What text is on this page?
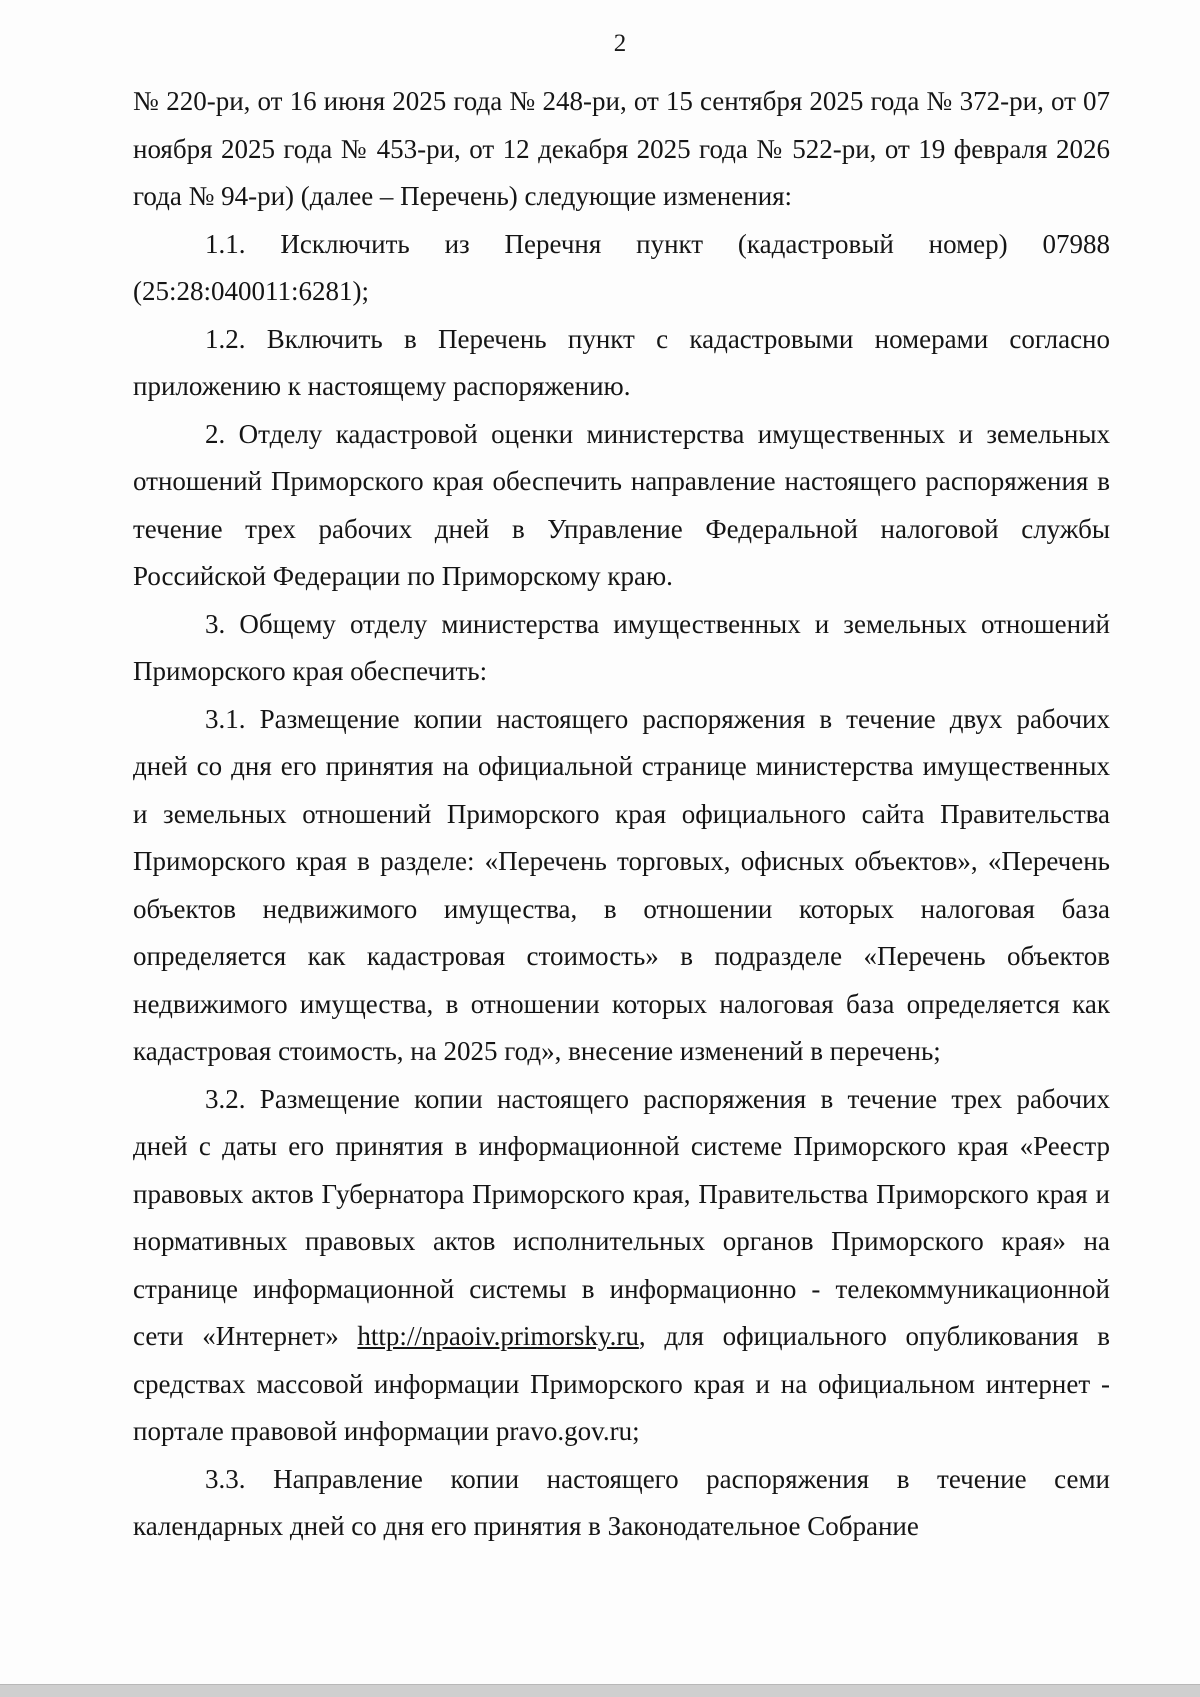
2

№ 220-ри, от 16 июня 2025 года № 248-ри, от 15 сентября 2025 года № 372-ри, от 07 ноября 2025 года № 453-ри, от 12 декабря 2025 года № 522-ри, от 19 февраля 2026 года № 94-ри) (далее – Перечень) следующие изменения:

1.1. Исключить из Перечня пункт (кадастровый номер) 07988 (25:28:040011:6281);

1.2. Включить в Перечень пункт с кадастровыми номерами согласно приложению к настоящему распоряжению.

2. Отделу кадастровой оценки министерства имущественных и земельных отношений Приморского края обеспечить направление настоящего распоряжения в течение трех рабочих дней в Управление Федеральной налоговой службы Российской Федерации по Приморскому краю.

3. Общему отделу министерства имущественных и земельных отношений Приморского края обеспечить:

3.1. Размещение копии настоящего распоряжения в течение двух рабочих дней со дня его принятия на официальной странице министерства имущественных и земельных отношений Приморского края официального сайта Правительства Приморского края в разделе: «Перечень торговых, офисных объектов», «Перечень объектов недвижимого имущества, в отношении которых налоговая база определяется как кадастровая стоимость» в подразделе «Перечень объектов недвижимого имущества, в отношении которых налоговая база определяется как кадастровая стоимость, на 2025 год», внесение изменений в перечень;

3.2. Размещение копии настоящего распоряжения в течение трех рабочих дней с даты его принятия в информационной системе Приморского края «Реестр правовых актов Губернатора Приморского края, Правительства Приморского края и нормативных правовых актов исполнительных органов Приморского края» на странице информационной системы в информационно - телекоммуникационной сети «Интернет» http://npaoiv.primorsky.ru, для официального опубликования в средствах массовой информации Приморского края и на официальном интернет - портале правовой информации pravo.gov.ru;

3.3. Направление копии настоящего распоряжения в течение семи календарных дней со дня его принятия в Законодательное Собрание
